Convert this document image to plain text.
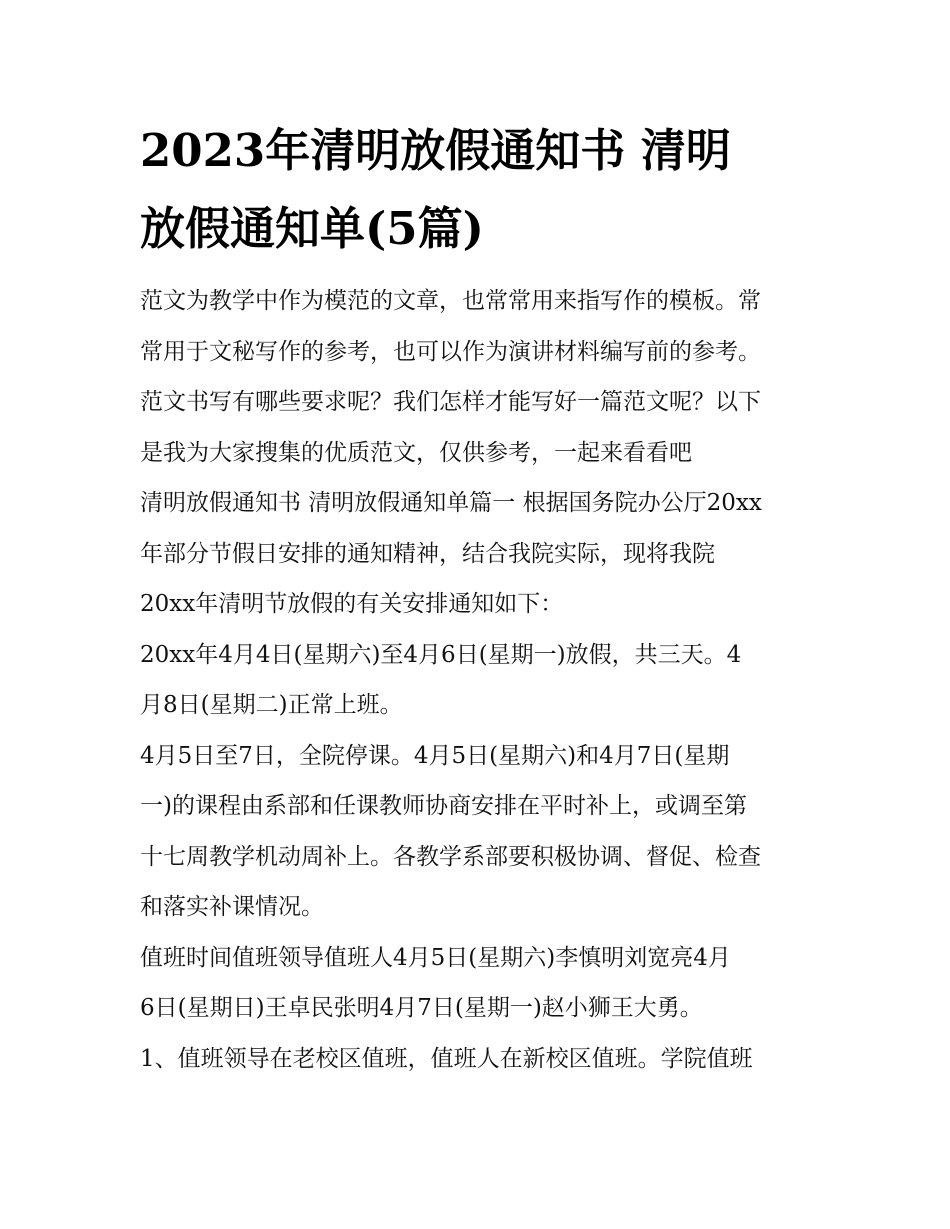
2023年清明放假通知书 清明
放假通知单(5篇)

范文为教学中作为模范的文章，也常常用来指写作的模板。常

常用于文秘写作的参考，也可以作为演讲材料编写前的参考。

范文书写有哪些要求呢？我们怎样才能写好一篇范文呢？以下

是我为大家搜集的优质范文，仅供参考，一起来看看吧

清明放假通知书 清明放假通知单篇一 根据国务院办公厅20xx

年部分节假日安排的通知精神，结合我院实际，现将我院

20xx年清明节放假的有关安排通知如下：

20xx年4月4日(星期六)至4月6日(星期一)放假，共三天。4

月8日(星期二)正常上班。

4月5日至7日，全院停课。4月5日(星期六)和4月7日(星期

一)的课程由系部和任课教师协商安排在平时补上，或调至第

十七周教学机动周补上。各教学系部要积极协调、督促、检查

和落实补课情况。

值班时间值班领导值班人4月5日(星期六)李慎明刘宽亮4月

6日(星期日)王卓民张明4月7日(星期一)赵小狮王大勇。

1、值班领导在老校区值班，值班人在新校区值班。学院值班
